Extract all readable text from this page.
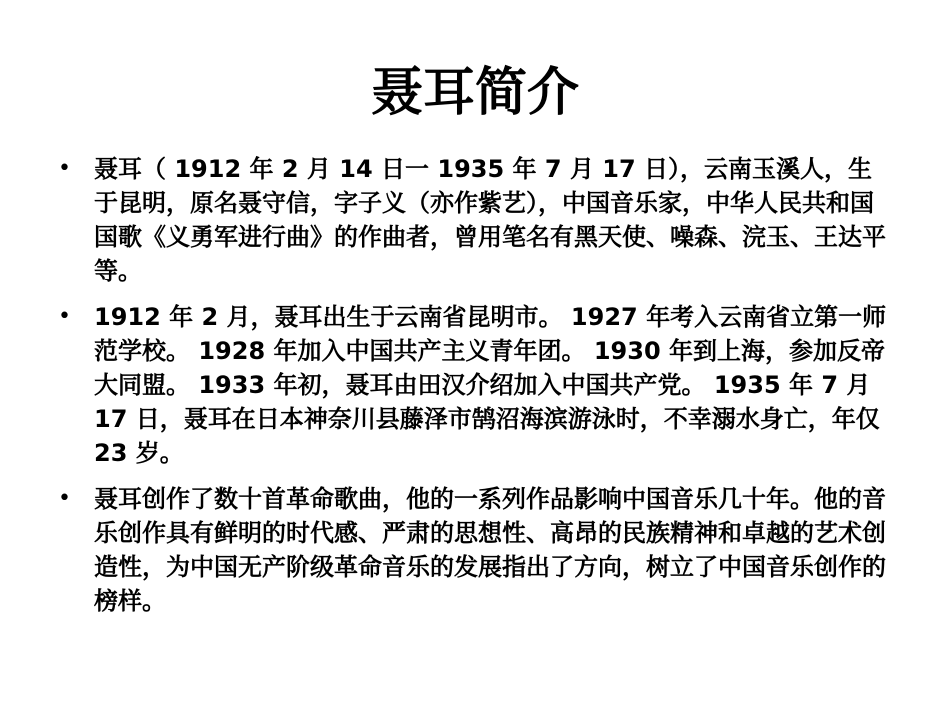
聂耳简介
• 聂耳（ 1912 年 2 月 14 日一 1935 年 7 月 17 日），云南玉溪人，生于昆明，原名聂守信，字子义（亦作紫艺），中国音乐家，中华人民共和国国歌《义勇军进行曲》的作曲者，曾用笔名有黑天使、噪森、浣玉、王达平等。
• 1912 年 2 月，聂耳出生于云南省昆明市。 1927 年考入云南省立第一师范学校。 1928 年加入中国共产主义青年团。 1930 年到上海，参加反帝大同盟。 1933 年初，聂耳由田汉介绍加入中国共产党。 1935 年 7 月 17 日，聂耳在日本神奈川县藤泽市鹄沼海滨游泳时，不幸溺水身亡，年仅 23 岁。
• 聂耳创作了数十首革命歌曲，他的一系列作品影响中国音乐几十年。他的音乐创作具有鲜明的时代感、严肃的思想性、高昂的民族精神和卓越的艺术创造性，为中国无产阶级革命音乐的发展指出了方向，树立了中国音乐创作的榜样。
